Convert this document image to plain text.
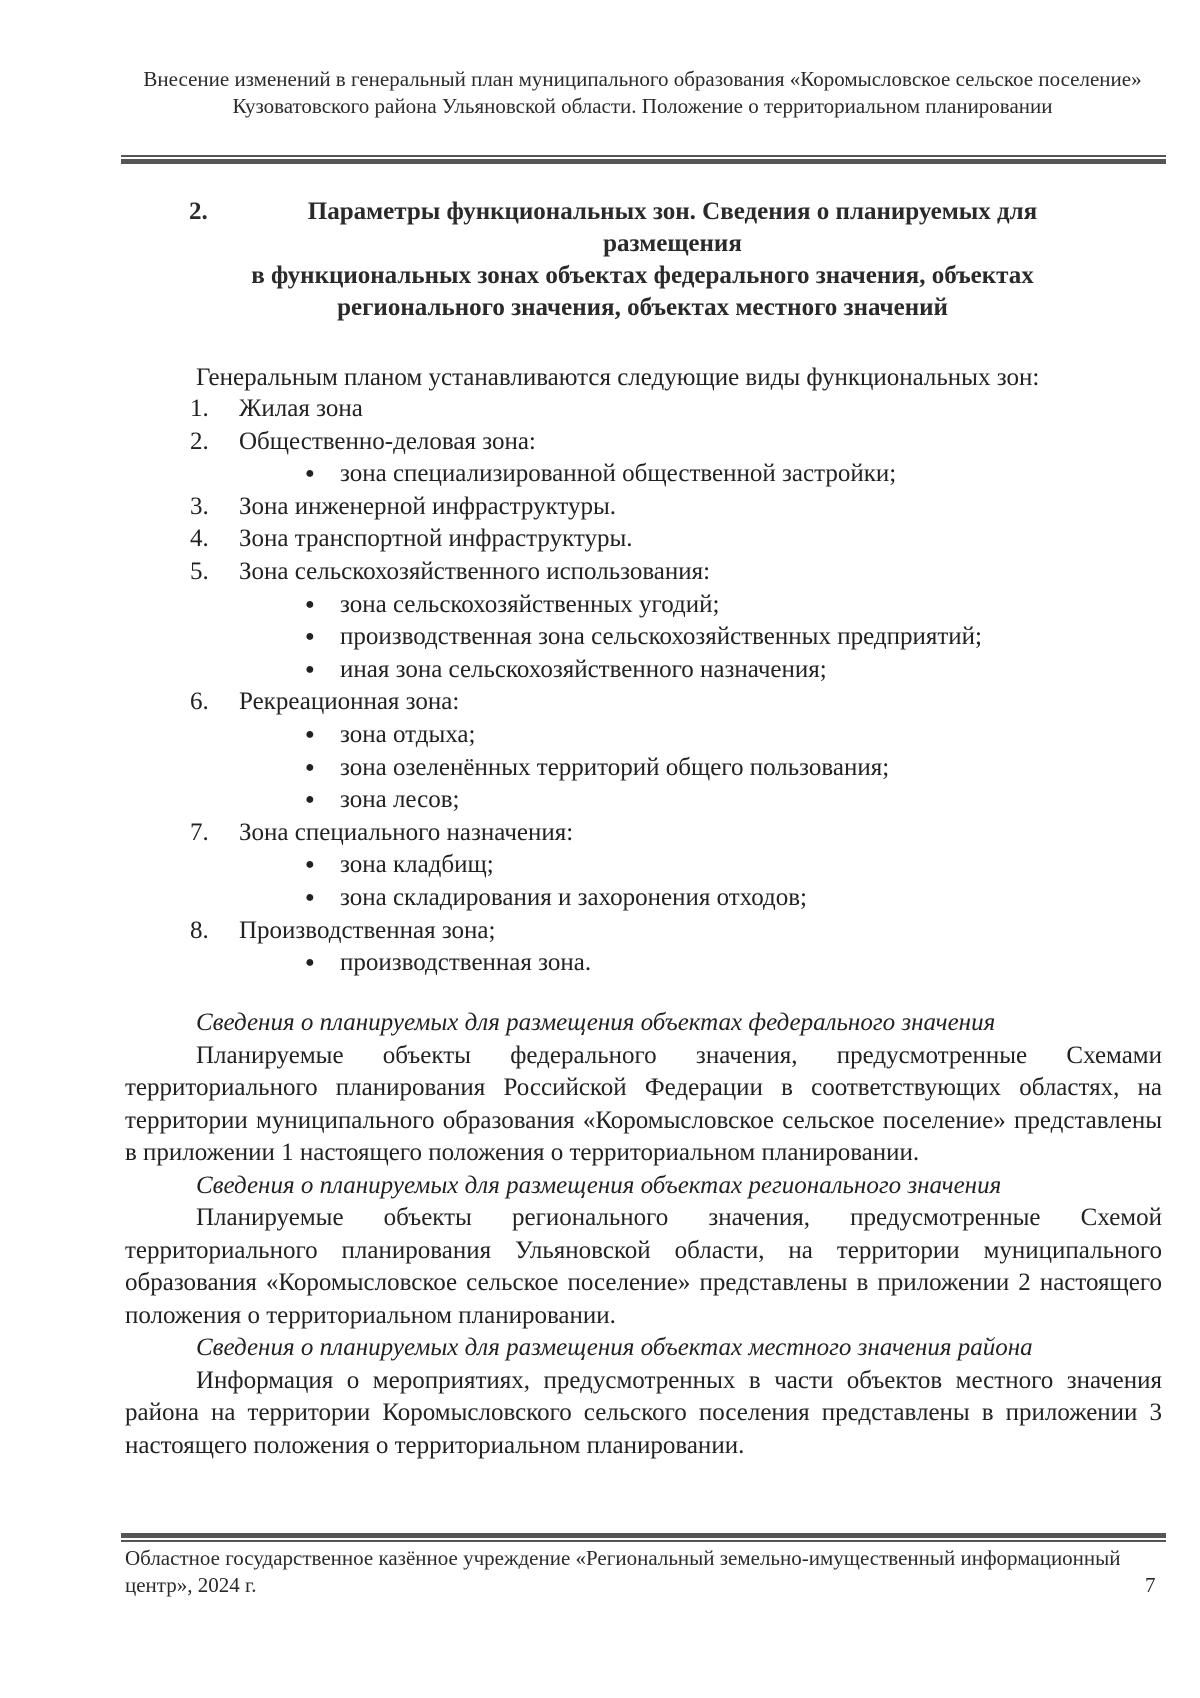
Внесение изменений в генеральный план муниципального образования «Коромысловское сельское поселение» Кузоватовского района Ульяновской области. Положение о территориальном планировании
2.	Параметры функциональных зон. Сведения о планируемых для размещения
в функциональных зонах объектах федерального значения, объектах регионального значения, объектах местного значений
Генеральным планом устанавливаются следующие виды функциональных зон:
1. Жилая зона
2. Общественно-деловая зона:
● зона специализированной общественной застройки;
3. Зона инженерной инфраструктуры.
4. Зона транспортной инфраструктуры.
5. Зона сельскохозяйственного использования:
● зона сельскохозяйственных угодий;
● производственная зона сельскохозяйственных предприятий;
● иная зона сельскохозяйственного назначения;
6. Рекреационная зона:
● зона отдыха;
● зона озеленённых территорий общего пользования;
● зона лесов;
7. Зона специального назначения:
● зона кладбищ;
● зона складирования и захоронения отходов;
8. Производственная зона;
● производственная зона.
Сведения о планируемых для размещения объектах федерального значения

Планируемые объекты федерального значения, предусмотренные Схемами территориального планирования Российской Федерации в соответствующих областях, на территории муниципального образования «Коромысловское сельское поселение» представлены в приложении 1 настоящего положения о территориальном планировании.

Сведения о планируемых для размещения объектах регионального значения

Планируемые объекты регионального значения, предусмотренные Схемой территориального планирования Ульяновской области, на территории муниципального образования «Коромысловское сельское поселение» представлены в приложении 2 настоящего положения о территориальном планировании.

Сведения о планируемых для размещения объектах местного значения района

Информация о мероприятиях, предусмотренных в части объектов местного значения района на территории Коромысловского сельского поселения представлены в приложении 3 настоящего положения о территориальном планировании.

Областное государственное казённое учреждение «Региональный земельно-имущественный информационный центр», 2024 г.	7
